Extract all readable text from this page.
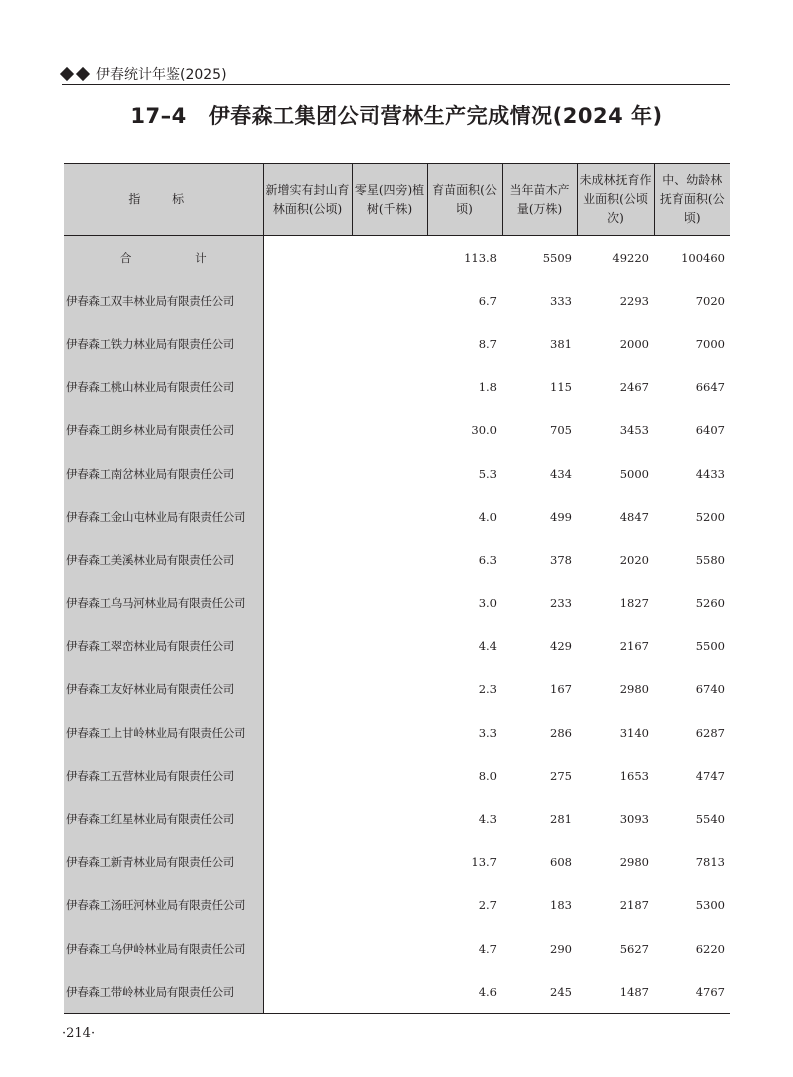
伊春统计年鉴(2025)
17–4 伊春森工集团公司营林生产完成情况(2024 年)
指 标	新增实有封山育林面积(公顷)	零星(四旁)植树(千株)	育苗面积(公顷)	当年苗木产量(万株)	未成林抚育作业面积(公顷次)	中、幼龄林抚育面积(公顷)
合 计			113.8	5509	49220	100460
伊春森工双丰林业局有限责任公司			6.7	333	2293	7020
伊春森工铁力林业局有限责任公司			8.7	381	2000	7000
伊春森工桃山林业局有限责任公司			1.8	115	2467	6647
伊春森工朗乡林业局有限责任公司			30.0	705	3453	6407
伊春森工南岔林业局有限责任公司			5.3	434	5000	4433
伊春森工金山屯林业局有限责任公司			4.0	499	4847	5200
伊春森工美溪林业局有限责任公司			6.3	378	2020	5580
伊春森工乌马河林业局有限责任公司			3.0	233	1827	5260
伊春森工翠峦林业局有限责任公司			4.4	429	2167	5500
伊春森工友好林业局有限责任公司			2.3	167	2980	6740
伊春森工上甘岭林业局有限责任公司			3.3	286	3140	6287
伊春森工五营林业局有限责任公司			8.0	275	1653	4747
伊春森工红星林业局有限责任公司			4.3	281	3093	5540
伊春森工新青林业局有限责任公司			13.7	608	2980	7813
伊春森工汤旺河林业局有限责任公司			2.7	183	2187	5300
伊春森工乌伊岭林业局有限责任公司			4.7	290	5627	6220
伊春森工带岭林业局有限责任公司			4.6	245	1487	4767
·214·
